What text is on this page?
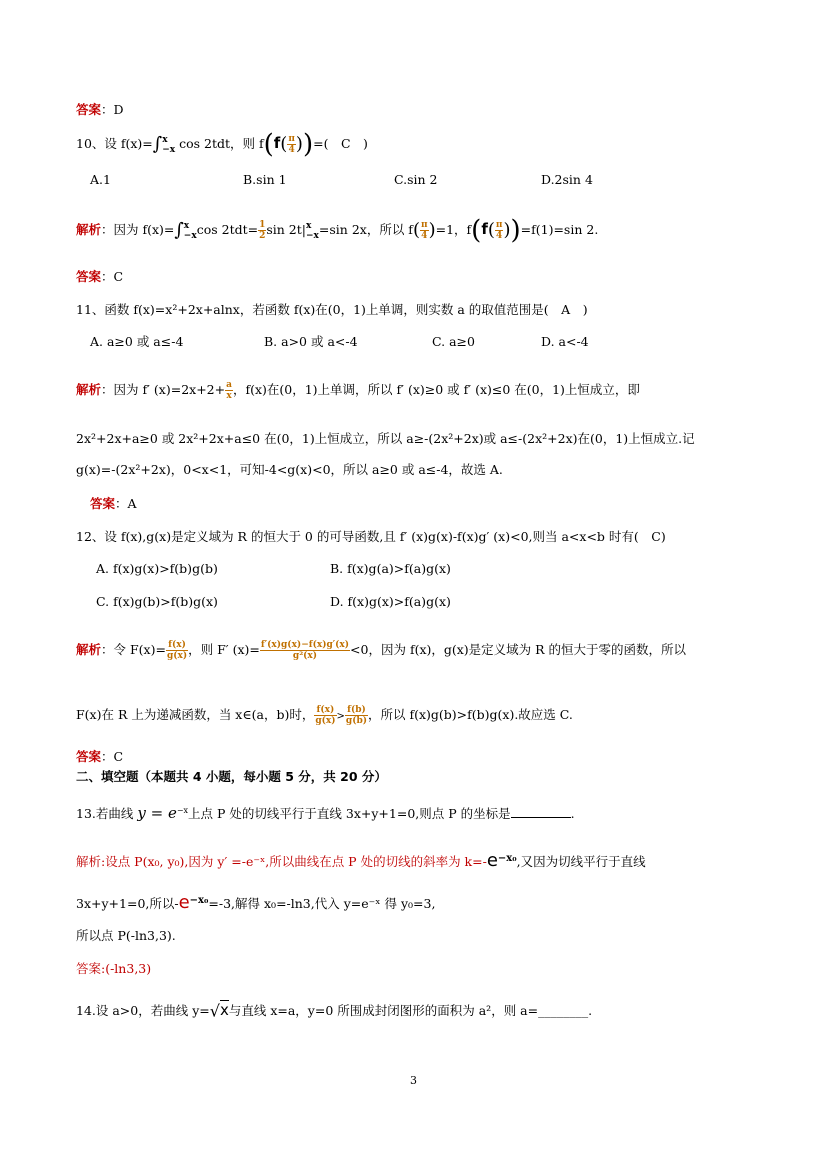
答案：D
10、设 f(x)=∫ x
−x cos 2tdt，则 $f(f( \frac{\pi}{4}$ ))=(　C　)
A.1	B.sin 1	C.sin 2	D.2sin 4
解析：因为 f(x)=∫ x
−x $\cos 2tdt= \frac{1}{2}$ sin 2t| x
−x =sin 2x，所以 $f( \frac{\pi}{4} )=1$，$f(f( \frac{\pi}{4} ))=f(1)=\sin$ 2.
答案：C
11、函数 f(x)=x²+2x+alnx，若函数 f(x)在(0，1)上单调，则实数 a 的取值范围是(　A　)
A. a≥0 或 a≤-4	B. a>0 或 a<-4	C. a≥0	D. a<-4
解析：因为 f′ $(x)=2x+2+ \frac{a}{x}$ ，f(x)在(0，1)上单调，所以 f′ (x)≥0 或 f′ (x)≤0 在(0，1)上恒成立，即
2x²+2x+a≥0 或 2x²+2x+a≤0 在(0，1)上恒成立，所以 a≥-(2x²+2x)或 a≤-(2x²+2x)在(0，1)上恒成立.记
g(x)=-(2x²+2x)，0<x<1，可知-4<g(x)<0，所以 a≥0 或 a≤-4，故选 A.
答案：A
12、设 f(x),g(x)是定义域为 R 的恒大于 0 的可导函数,且 f′ (x)g(x)-f(x)g′ (x)<0,则当 a<x<b 时有(　C)
A. f(x)g(x)>f(b)g(b)	B. f(x)g(a)>f(a)g(x)
C. f(x)g(b)>f(b)g(x)	D. f(x)g(x)>f(a)g(x)
解析：令 $F(x)= \frac{f(x)}{g(x)}$ ，则 F′ $(x)= \frac{f'(x)g(x)-f(x)g'(x)}{\text{g²(x)}} <0$，因为 f(x)，g(x)是定义域为 R 的恒大于零的函数，所以
F(x)在 R 上为递减函数，当 x∈(a，b)时， $\frac{f(x)}{g(x)} > \frac{f(b)}{g(b)}$ ，所以 f(x)g(b)>f(b)g(x).故应选 C.
答案：C
二、填空题（本题共 4 小题，每小题 5 分，共 20 分）
13.若曲线 $y = e^{-x}$上点 P 处的切线平行于直线 3x+y+1=0,则点 P 的坐标是	.
解析:设点 P(x₀, y₀),因为 y′ =-e⁻ˣ,所以曲线在点 P 处的切线的斜率为 $k=-e^{-x_0}$,又因为切线平行于直线
3x+y+1=0,所以$-e^{-x_0}=-3$,解得 x₀=-ln3,代入 y=e⁻ˣ 得 y₀=3,
所以点 P(-ln3,3).
答案:(-ln3,3)
14.设 a>0，若曲线 y=√x与直线 x=a，y=0 所围成封闭图形的面积为 a²，则 a=________.
3
